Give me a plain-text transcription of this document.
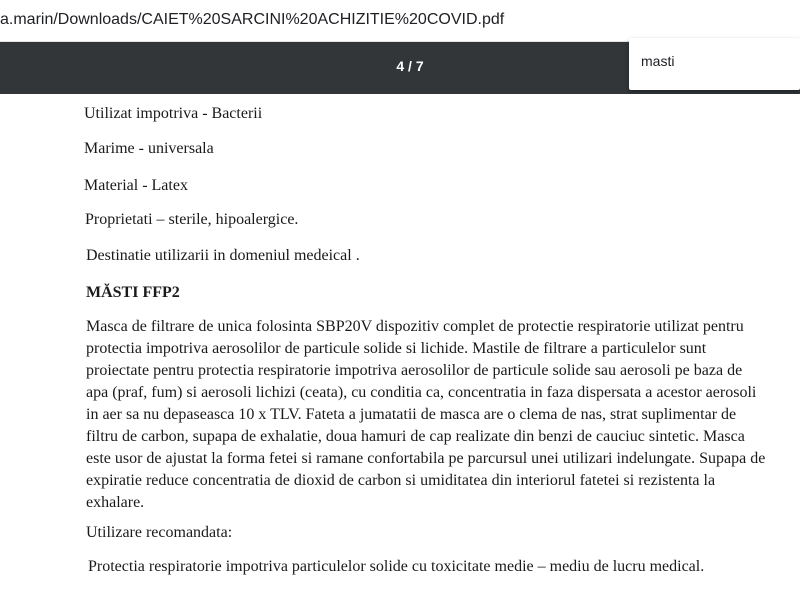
a.marin/Downloads/CAIET%20SARCINI%20ACHIZITIE%20COVID.pdf
4 / 7
masti

Utilizat impotriva - Bacterii

Marime - universala

Material - Latex

Proprietati – sterile, hipoalergice.

Destinatie utilizarii in domeniul medeical .

MĂSTI FFP2

Masca de filtrare de unica folosinta SBP20V dispozitiv complet de protectie respiratorie utilizat pentru

protectia impotriva aerosolilor de particule solide si lichide. Mastile de filtrare a particulelor sunt

proiectate pentru protectia respiratorie impotriva aerosolilor de particule solide sau aerosoli pe baza de

apa (praf, fum) si aerosoli lichizi (ceata), cu conditia ca, concentratia in faza dispersata a acestor aerosoli

in aer sa nu depaseasca 10 x TLV. Fateta a jumatatii de masca are o clema de nas, strat suplimentar de

filtru de carbon, supapa de exhalatie, doua hamuri de cap realizate din benzi de cauciuc sintetic. Masca

este usor de ajustat la forma fetei si ramane confortabila pe parcursul unei utilizari indelungate. Supapa de

expiratie reduce concentratia de dioxid de carbon si umiditatea din interiorul fatetei si rezistenta la

exhalare.

Utilizare recomandata:

Protectia respiratorie impotriva particulelor solide cu toxicitate medie – mediu de lucru medical.
